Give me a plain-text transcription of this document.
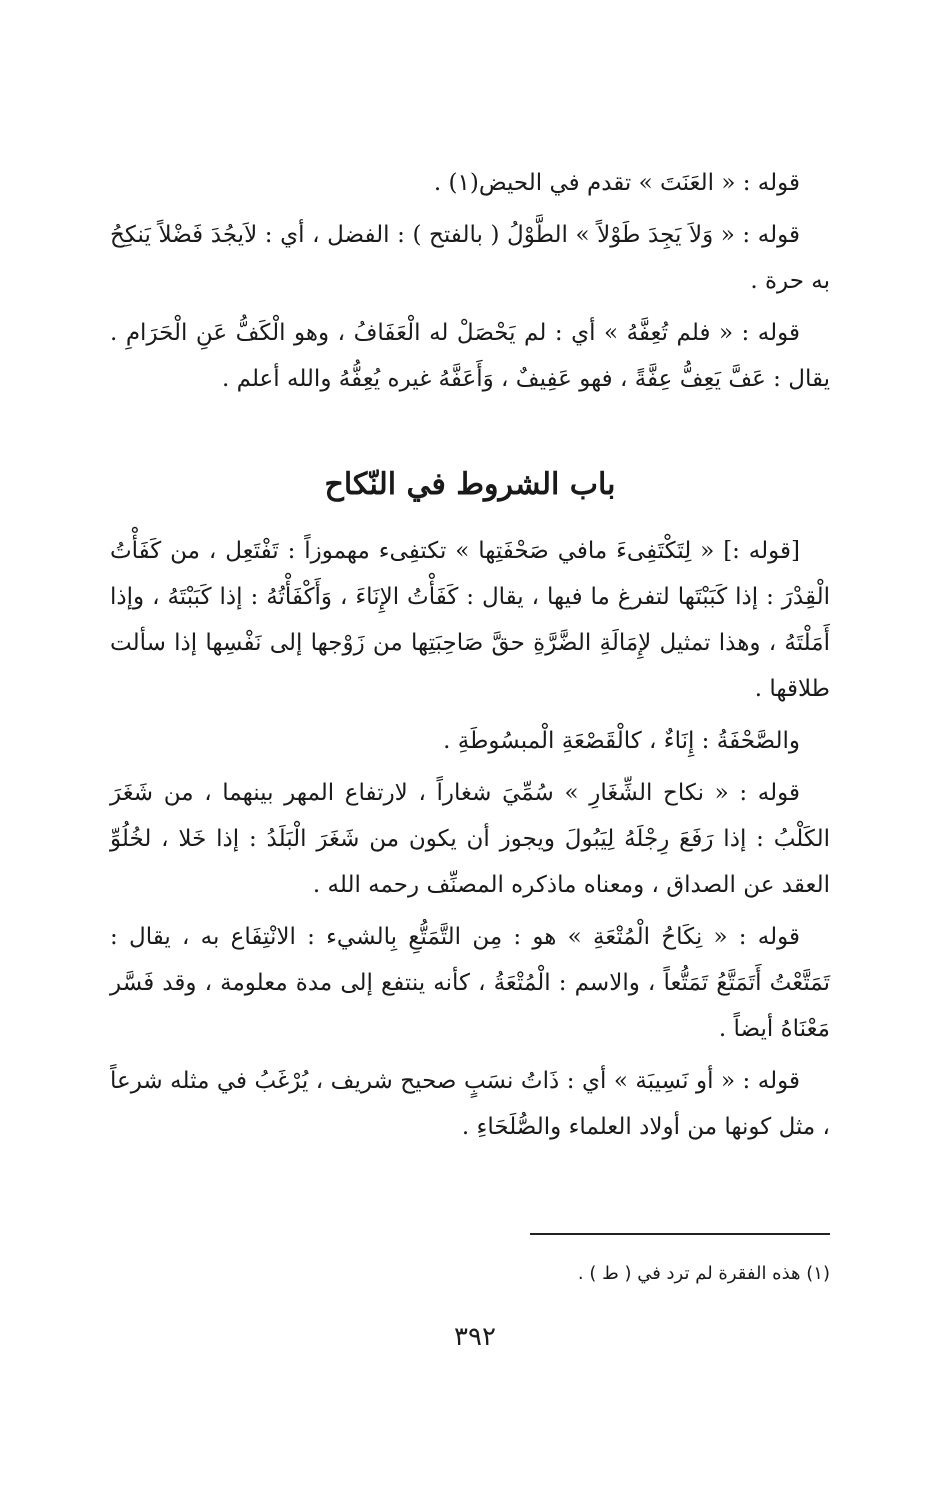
قوله : « العَنَتَ » تقدم في الحيض(١) .

قوله : « وَلاَ يَجِدَ طَوْلاً » الطَّوْلُ ( بالفتح ) : الفضل ، أي : لاَيجُدَ فَضْلاً يَنكِحُ به حرة .

قوله : « فلم تُعِفَّهُ » أي : لم يَحْصَلْ له الْعَفَافُ ، وهو الْكَفُّ عَنِ الْحَرَامِ . يقال : عَفَّ يَعِفُّ عِفَّةً ، فهو عَفِيفٌ ، وَأَعَفَّهُ غيره يُعِفُّهُ والله أعلم .

باب الشروط في النّكاح

[قوله :] « لِتَكْتَفِىءَ مافي صَحْفَتِها » تكتفِىء مهموزاً : تَفْتَعِل ، من كَفَأْتُ الْقِدْرَ : إذا كَبَبْتَها لتفرغ ما فيها ، يقال : كَفَأْتُ الإِنَاءَ ، وَأَكْفَأْتُهُ : إذا كَبَبْتَهُ ، وإذا أَمَلْتَهُ ، وهذا تمثيل لإِمَالَةِ الضَّرَّةِ حقَّ صَاحِبَتِها من زَوْجها إلى نَفْسِها إذا سألت طلاقها .

والصَّحْفَةُ : إِنَاءٌ ، كالْقَصْعَةِ الْمبسُوطَةِ .

قوله : « نكاح الشِّغَارِ » سُمِّيَ شغاراً ، لارتفاع المهر بينهما ، من شَغَرَ الكَلْبُ : إذا رَفَعَ رِجْلَهُ لِيَبُولَ ويجوز أن يكون من شَغَرَ الْبَلَدُ : إذا خَلا ، لخُلُوِّ العقد عن الصداق ، ومعناه ماذكره المصنِّف رحمه الله .

قوله : « نِكَاحُ الْمُتْعَةِ » هو : مِن التَّمَتُّعِ بِالشيء : الانْتِفَاع به ، يقال : تَمَتَّعْتُ أَتَمَتَّعُ تَمَتُّعاً ، والاسم : الْمُتْعَةُ ، كأنه ينتفع إلى مدة معلومة ، وقد فَسَّر مَعْنَاهُ أيضاً .

قوله : « أو نَسِيبَة » أي : ذَاتُ نسَبٍ صحيح شريف ، يُرْغَبُ في مثله شرعاً ، مثل كونها من أولاد العلماء والصُّلَحَاءِ .

(١) هذه الفقرة لم ترد في ( ط ) .
٣٩٢
